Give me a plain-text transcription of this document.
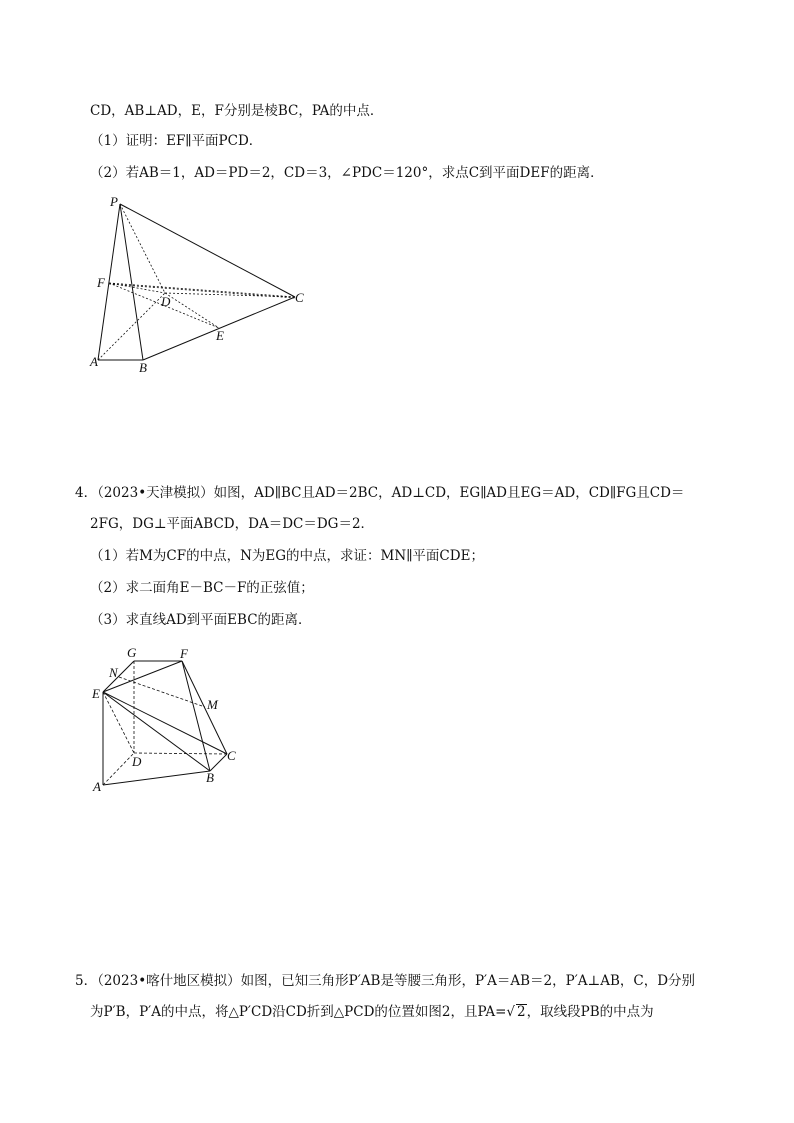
CD，AB⊥AD，E，F分别是棱BC，PA的中点．
（1）证明：EF∥平面PCD．
（2）若AB＝1，AD＝PD＝2，CD＝3，∠PDC＝120°，求点C到平面DEF的距离．
P
F
D	C
E
A	B
4．（2023•天津模拟）如图，AD∥BC且AD＝2BC，AD⊥CD，EG∥AD且EG＝AD，CD∥FG且CD＝
2FG，DG⊥平面ABCD，DA＝DC＝DG＝2．
（1）若M为CF的中点，N为EG的中点，求证：MN∥平面CDE；
（2）求二面角E－BC－F的正弦值；
（3）求直线AD到平面EBC的距离．
G	F
N
E
M
D	C
A
B
5．（2023•喀什地区模拟）如图，已知三角形P′AB是等腰三角形，P′A＝AB＝2，P′A⊥AB，C，D分别
为P′B，P′A的中点，将△P′CD沿CD折到△PCD的位置如图2，且PA=√ 2，取线段PB的中点为
